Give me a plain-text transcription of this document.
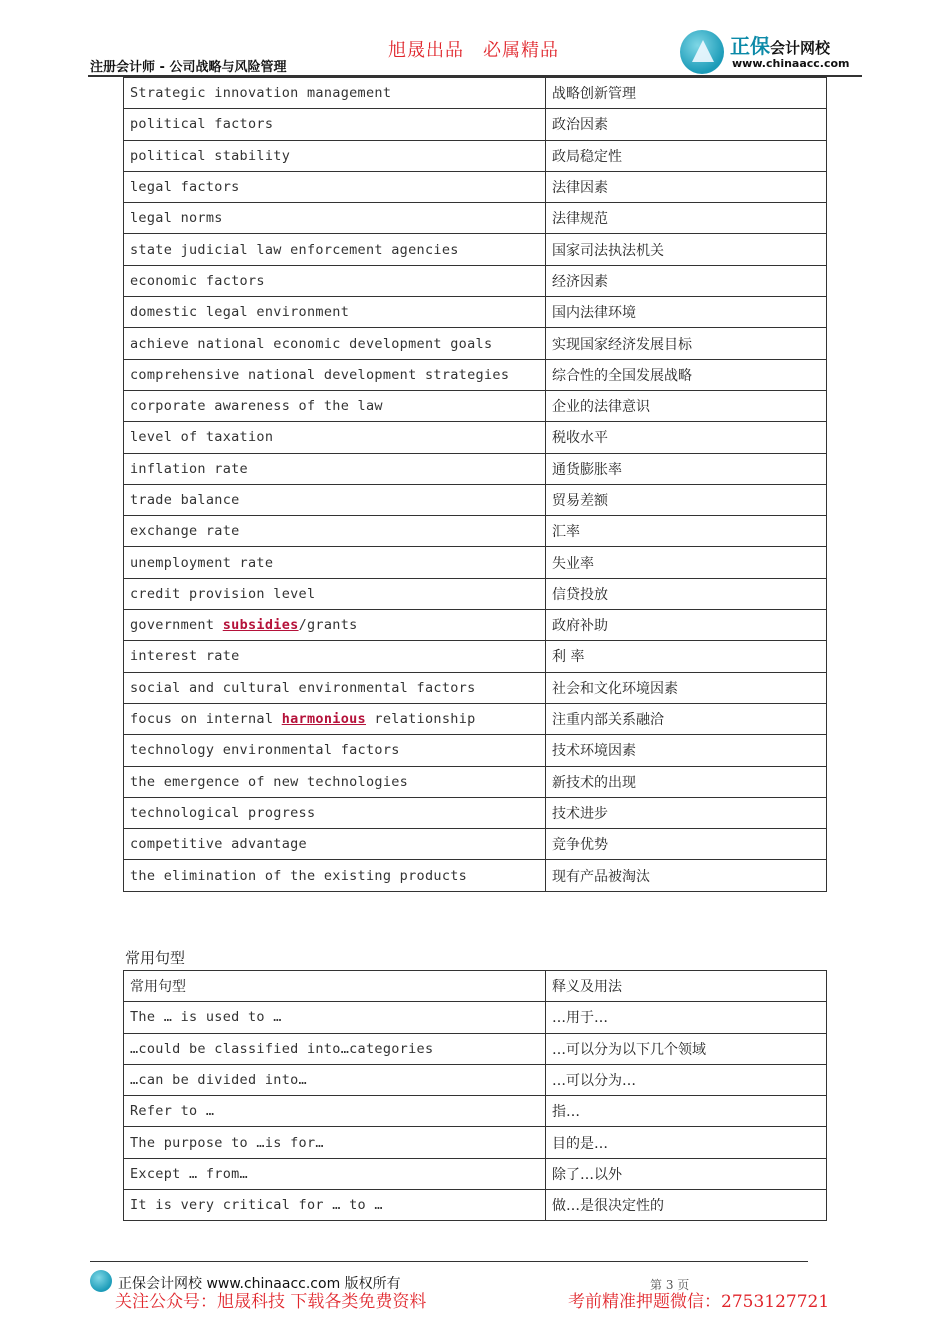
注册会计师 - 公司战略与风险管理
旭晟出品　必属精品	正保会计网校
www.chinaacc.com
Strategic innovation management	战略创新管理
political factors	政治因素
political stability	政局稳定性
legal factors	法律因素
legal norms	法律规范
state judicial law enforcement agencies	国家司法执法机关
economic factors	经济因素
domestic legal environment	国内法律环境
achieve national economic development goals	实现国家经济发展目标
comprehensive national development strategies	综合性的全国发展战略
corporate awareness of the law	企业的法律意识
level of taxation	税收水平
inflation rate	通货膨胀率
trade balance	贸易差额
exchange rate	汇率
unemployment rate	失业率
credit provision level	信贷投放
government subsidies/grants	政府补助
interest rate	利 率
social and cultural environmental factors	社会和文化环境因素
focus on internal harmonious relationship	注重内部关系融洽
technology environmental factors	技术环境因素
the emergence of new technologies	新技术的出现
technological progress	技术进步
competitive advantage	竞争优势
the elimination of the existing products	现有产品被淘汰
常用句型
常用句型	释义及用法
The … is used to …	…用于…
…could be classified into…categories	…可以分为以下几个领域
…can be divided into…	…可以分为…
Refer to …	指…
The purpose to …is for…	目的是…
Except … from…	除了…以外
It is very critical for … to …	做…是很决定性的
正保会计网校 www.chinaacc.com 版权所有	第 3 页
关注公众号：旭晟科技 下载各类免费资料	考前精准押题微信：2753127721
